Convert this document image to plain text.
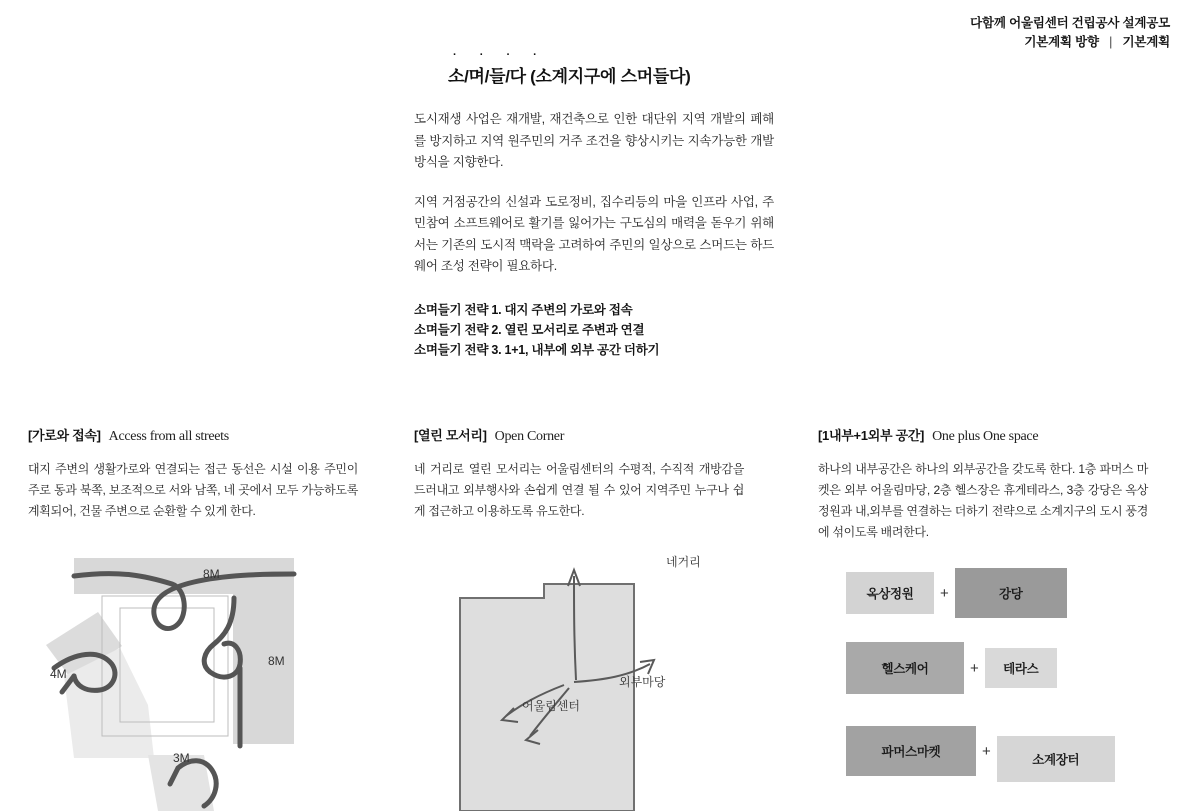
다함께 어울림센터 건립공사 설계공모
기본계획 방향 | 기본계획
· · · ·
소/며/들/다 (소계지구에 스머들다)
도시재생 사업은 재개발, 재건축으로 인한 대단위 지역 개발의 폐해를 방지하고 지역 원주민의 거주 조건을 향상시키는 지속가능한 개발방식을 지향한다.
지역 거점공간의 신설과 도로정비, 집수리등의 마을 인프라 사업, 주민참여 소프트웨어로 활기를 잃어가는 구도심의 매력을 돋우기 위해서는 기존의 도시적 맥락을 고려하여 주민의 일상으로 스머드는 하드웨어 조성 전략이 필요하다.
소며들기 전략 1. 대지 주변의 가로와 접속
소며들기 전략 2. 열린 모서리로 주변과 연결
소며들기 전략 3. 1+1, 내부에 외부 공간 더하기
[가로와 접속] Access from all streets
대지 주변의 생활가로와 연결되는 접근 동선은 시설 이용 주민이 주로 동과 북쪽, 보조적으로 서와 남쪽, 네 곳에서 모두 가능하도록 계획되어, 건물 주변으로 순환할 수 있게 한다.
[열린 모서리] Open Corner
네 거리로 열린 모서리는 어울림센터의 수평적, 수직적 개방감을 드러내고 외부행사와 손쉽게 연결 될 수 있어 지역주민 누구나 쉽게 접근하고 이용하도록 유도한다.
[1내부+1외부 공간] One plus One space
하나의 내부공간은 하나의 외부공간을 갖도록 한다. 1층 파머스 마켓은 외부 어울림마당, 2층 헬스장은 휴게테라스, 3층 강당은 옥상정원과 내,외부를 연결하는 더하기 전략으로 소계지구의 도시 풍경에 섞이도록 배려한다.
8M
8M
4M
3M
네거리
외부마당
어울림센터
옥상정원	+	강당
헬스케어	+	테라스
파머스마켓	+
소계장터
